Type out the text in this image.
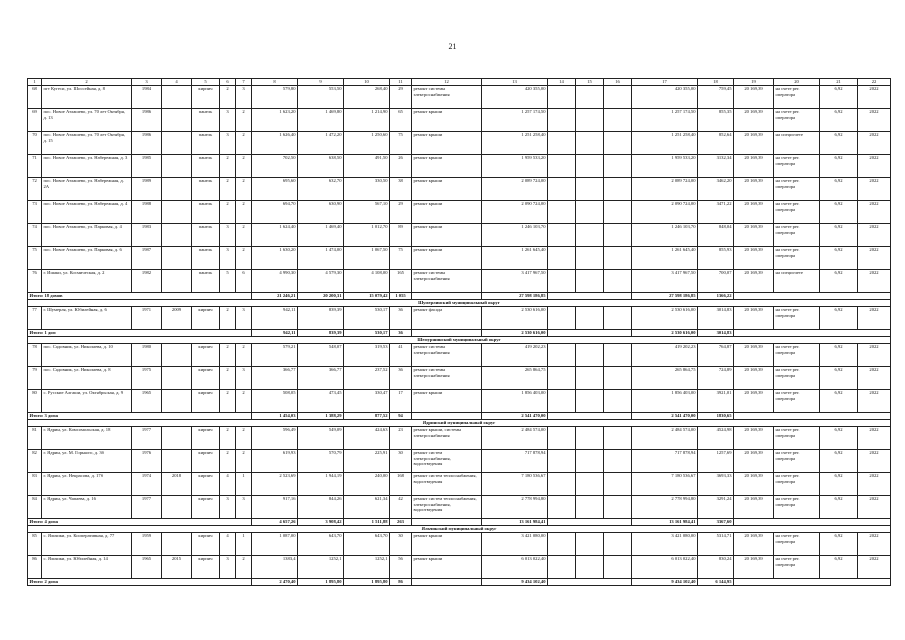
21
1	2	3	4	5	6	7	8	9	10	11	12	13	14	15	16	17	18	19	20	21	22
68	пгт Кугеси, ул. Шоссейная, д. 8	1984		кирпич	2	3	579,80	553,50	268,40	29	ремонт системы электроснабжения	420 355,00				420 355,00	759,45	20 169,39	на счете рег. оператора	6,92	2022
69	пос. Новое Атлашево, ул. 70 лет Октября, д. 13	1986		панель	3	2	1 623,20	1 469,80	1 214,90	65	ремонт крыши	1 257 174,50				1 257 174,50	855,35	20 169,39	на счете рег. оператора	6,92	2022
70	пос. Новое Атлашево, ул. 70 лет Октября, д. 15	1986		панель	3	2	1 626,40	1 472,20	1 250,60	75	ремонт крыши	1 251 258,40				1 251 258,40	852,64	20 169,39	на специсчете	6,92	2022
71	пос. Новое Атлашево, ул. Набережная, д. 3	1985		панель	2	2	702,50	638,50	491,50	26	ремонт крыши	1 959 533,20				1 959 533,20	3132,34	20 169,39	на счете рег. оператора	6,92	2022
72	пос. Новое Атлашево, ул. Набережная, д. 2А	1989		панель	2	2	695,60	632,70	330,50	38	ремонт крыши	2 089 724,00				2 089 724,00	3462,20	20 169,39	на счете рег. оператора	6,92	2022
73	пос. Новое Атлашево, ул. Набережная, д. 4	1988		панель	2	2	694,70	630,90	567,10	29	ремонт крыши	2 090 724,00				2 090 724,00	3471,22	20 169,39	на счете рег. оператора	6,92	2022
74	пос. Новое Атлашево, ул. Парковая, д. 4	1983		панель	3	2	1 624,40	1 469,40	1 012,70	89	ремонт крыши	1 246 103,70				1 246 103,70	848,04	20 169,39	на счете рег. оператора	6,92	2022
75	пос. Новое Атлашево, ул. Парковая, д. 6	1987		панель	3	2	1 630,20	1 474,00	1 067,50	75	ремонт крыши	1 261 645,40				1 261 645,40	855,93	20 169,39	на счете рег. оператора	6,92	2022
76	г. Ишаки, ул. Космическая, д. 2	1982		панель	5	6	4 990,30	4 579,30	4 108,00	165	ремонт системы электроснабжения	3 417 967,50				3 417 967,50	700,07	20 169,39	на специсчете	6,92	2022
Итого: 18 домов							21 246,21	20 200,31	15 079,42	1 055		27 598 186,85				27 598 186,85	1366,22				
Шумерлинский муниципальный округ																					
77	г. Шумерля, ул. Юбилейная, д. 6	1971	2009	кирпич	2	3	942,11	839,39	530,17	36	ремонт фасада	2 530 616,00				2 530 616,00	3014,83	20 169,39	на счете рег. оператора	6,92	2022
Итого: 1 дом							942,11	839,39	530,17	36		2 530 616,00				2 530 616,00	3014,83				
Шемуршинский муниципальный округ																					
78	пос. Садовник, ул. Николаева, д. 10	1980		кирпич	2	2	579,21	548,07	319,53	41	ремонт системы электроснабжения	419 202,23				419 202,23	764,87	20 169,39	на счете рег. оператора	6,92	2022
79	пос. Садовник, ул. Николаева, д. 8	1975		кирпич	2	3	366,77	366,77	237,52	36	ремонт системы электроснабжения	265 864,75				265 864,75	724,89	20 169,39	на счете рег. оператора	6,92	2022
80	с. Русские Алгаши, ул. Октябрьская, д. 9	1965		кирпич	2	2	508,05	473,45	330,47	17	ремонт крыши	1 856 403,00				1 856 403,00	3921,01	20 169,39	на счете рег. оператора	6,92	2022
Итого: 3 дома							1 454,03	1 388,29	877,52	94		2 541 470,00				2 541 470,00	1830,65				
Ядринский муниципальный округ																					
81	г. Ядрин, ул. Комсомольская, д. 18	1977		кирпич	2	2	596,49	549,09	424,63	23	ремонт крыши, системы электроснабжения	2 484 574,00				2 484 574,00	4524,98	20 169,39	на счете рег. оператора	6,92	2022
82	г. Ядрин, ул. М. Горького, д. 3б	1976		кирпич	2	2	619,93	570,79	225,91	30	ремонт систем электроснабжения, водоотведения	717 878,94				717 878,94	1257,69	20 169,39	на счете рег. оператора	6,92	2022
83	г. Ядрин, ул. Некрасова, д. 17б	1974	2018	кирпич	4	1	2 523,69	1 944,19	240,00	168	ремонт систем теплоснабжения, водоотведения	7 180 536,67				7 180 536,67	3693,33	20 169,39	на счете рег. оператора	6,92	2022
84	г. Ядрин, ул. Чапаева, д. 16	1977		кирпич	3	3	917,16	844,26	621,34	42	ремонт систем теплоснабжения, электроснабжения, водоотведения	2 778 994,80				2 778 994,80	3291,24	20 169,39	на счете рег. оператора	6,92	2022
Итого: 4 дома							4 657,26	3 908,42	1 511,88	263		13 161 984,41				13 161 984,41	3367,60				
Яльчикский муниципальный округ																					
85	с. Яльчики, ул. Кооперативная, д. 77	1959		кирпич	4	1	1 087,00	643,70	643,70	30	ремонт крыши	3 421 080,00				3 421 080,00	5314,71	20 169,39	на счете рег. оператора	6,92	2022
86	с. Яльчики, ул. Юбилейная, д. 14	1965	2015	кирпич	3	2	1383,4	1252,1	1252,1	56	ремонт крыши	6 013 022,40				6 013 022,40	830,24	20 169,39	на счете рег. оператора	6,92	2022
Итого: 2 дома							2 470,40	1 895,80	1 895,80	86		9 434 102,40				9 434 102,40	6 144,95				
